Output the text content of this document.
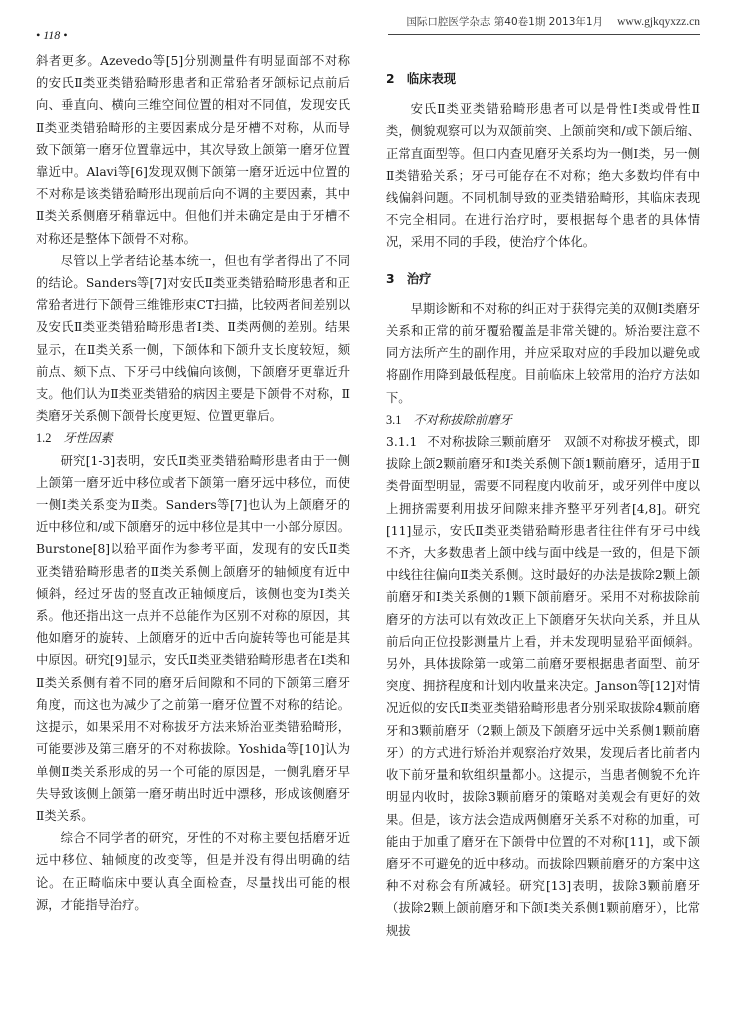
• 118 •
国际口腔医学杂志 第40卷1期 2013年1月 www.gjkqyxzz.cn

斜者更多。Azevedo等[5]分别测量件有明显面部不对称的安氏Ⅱ类亚类错𬌗畸形患者和正常𬌗者牙颌标记点前后向、垂直向、横向三维空间位置的相对不同值，发现安氏Ⅱ类亚类错𬌗畸形的主要因素成分是牙槽不对称，从而导致下颌第一磨牙位置靠远中，其次导致上颌第一磨牙位置靠近中。Alavi等[6]发现双侧下颌第一磨牙近远中位置的不对称是该类错𬌗畸形出现前后向不调的主要因素，其中Ⅱ类关系侧磨牙稍靠远中。但他们并未确定是由于牙槽不对称还是整体下颌骨不对称。

尽管以上学者结论基本统一，但也有学者得出了不同的结论。Sanders等[7]对安氏Ⅱ类亚类错𬌗畸形患者和正常𬌗者进行下颌骨三维锥形束CT扫描，比较两者间差别以及安氏Ⅱ类亚类错𬌗畸形患者Ⅰ类、Ⅱ类两侧的差别。结果显示，在Ⅱ类关系一侧，下颌体和下颌升支长度较短，颏前点、颏下点、下牙弓中线偏向该侧，下颌磨牙更靠近升支。他们认为Ⅱ类亚类错𬌗的病因主要是下颌骨不对称，Ⅱ类磨牙关系侧下颌骨长度更短、位置更靠后。

1.2 牙性因素

研究[1-3]表明，安氏Ⅱ类亚类错𬌗畸形患者由于一侧上颌第一磨牙近中移位或者下颌第一磨牙远中移位，而使一侧Ⅰ类关系变为Ⅱ类。Sanders等[7]也认为上颌磨牙的近中移位和/或下颌磨牙的远中移位是其中一小部分原因。Burstone[8]以𬌗平面作为参考平面，发现有的安氏Ⅱ类亚类错𬌗畸形患者的Ⅱ类关系侧上颌磨牙的轴倾度有近中倾斜，经过牙齿的竖直改正轴倾度后，该侧也变为Ⅰ类关系。他还指出这一点并不总能作为区别不对称的原因，其他如磨牙的旋转、上颌磨牙的近中舌向旋转等也可能是其中原因。研究[9]显示，安氏Ⅱ类亚类错𬌗畸形患者在Ⅰ类和Ⅱ类关系侧有着不同的磨牙后间隙和不同的下颌第三磨牙角度，而这也为减少了之前第一磨牙位置不对称的结论。这提示，如果采用不对称拔牙方法来矫治亚类错𬌗畸形，可能要涉及第三磨牙的不对称拔除。Yoshida等[10]认为单侧Ⅱ类关系形成的另一个可能的原因是，一侧乳磨牙早失导致该侧上颌第一磨牙萌出时近中漂移，形成该侧磨牙Ⅱ类关系。

综合不同学者的研究，牙性的不对称主要包括磨牙近远中移位、轴倾度的改变等，但是并没有得出明确的结论。在正畸临床中要认真全面检查，尽量找出可能的根源，才能指导治疗。

2　临床表现

安氏Ⅱ类亚类错𬌗畸形患者可以是骨性Ⅰ类或骨性Ⅱ类，侧貌观察可以为双颌前突、上颌前突和/或下颌后缩、正常直面型等。但口内查见磨牙关系均为一侧Ⅰ类，另一侧Ⅱ类错𬌗关系；牙弓可能存在不对称；绝大多数均伴有中线偏斜问题。不同机制导致的亚类错𬌗畸形，其临床表现不完全相同。在进行治疗时，要根据每个患者的具体情况，采用不同的手段，使治疗个体化。

3　治疗

早期诊断和不对称的纠正对于获得完美的双侧Ⅰ类磨牙关系和正常的前牙覆𬌗覆盖是非常关键的。矫治要注意不同方法所产生的副作用，并应采取对应的手段加以避免或将副作用降到最低程度。目前临床上较常用的治疗方法如下。

3.1 不对称拔除前磨牙

3.1.1 不对称拔除三颗前磨牙　 双颌不对称拔牙模式，即拔除上颌2颗前磨牙和Ⅰ类关系侧下颌1颗前磨牙，适用于Ⅱ类骨面型明显，需要不同程度内收前牙，或牙列伴中度以上拥挤需要利用拔牙间隙来排齐整平牙列者[4,8]。研究[11]显示，安氏Ⅱ类亚类错𬌗畸形患者往往伴有牙弓中线不齐，大多数患者上颌中线与面中线是一致的，但是下颌中线往往偏向Ⅱ类关系侧。这时最好的办法是拔除2颗上颌前磨牙和Ⅰ类关系侧的1颗下颌前磨牙。采用不对称拔除前磨牙的方法可以有效改正上下颌磨牙矢状向关系，并且从前后向正位投影测量片上看，并未发现明显𬌗平面倾斜。另外，具体拔除第一或第二前磨牙要根据患者面型、前牙突度、拥挤程度和计划内收量来决定。Janson等[12]对情况近似的安氏Ⅱ类亚类错𬌗畸形患者分别采取拔除4颗前磨牙和3颗前磨牙（2颗上颌及下颌磨牙远中关系侧1颗前磨牙）的方式进行矫治并观察治疗效果，发现后者比前者内收下前牙量和软组织量都小。这提示，当患者侧貌不允许明显内收时，拔除3颗前磨牙的策略对美观会有更好的效果。但是，该方法会造成两侧磨牙关系不对称的加重，可能由于加重了磨牙在下颌骨中位置的不对称[11]，或下颌磨牙不可避免的近中移动。而拔除四颗前磨牙的方案中这种不对称会有所减轻。研究[13]表明，拔除3颗前磨牙（拔除2颗上颌前磨牙和下颌Ⅰ类关系侧1颗前磨牙），比常规拔
